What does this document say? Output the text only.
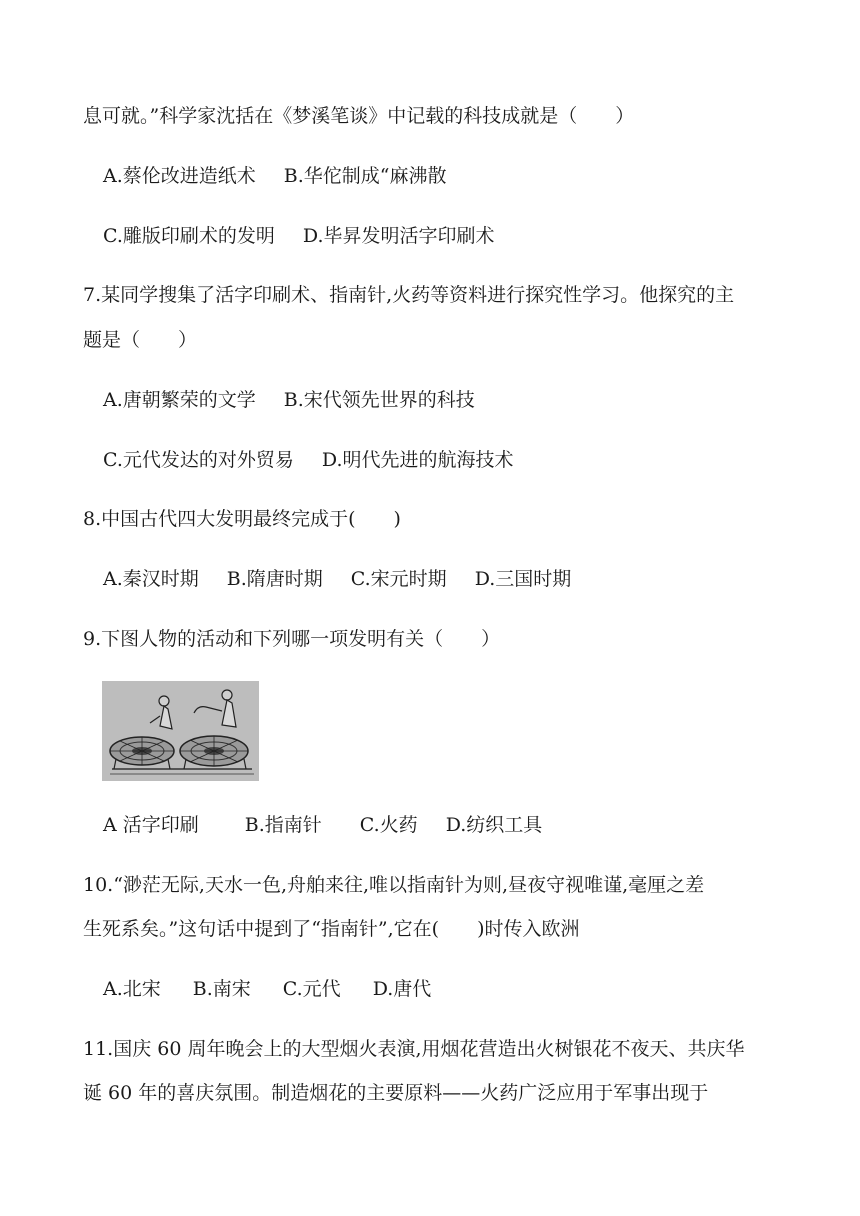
息可就。”科学家沈括在《梦溪笔谈》中记载的科技成就是（　　）
A.蔡伦改进造纸术 B.华佗制成“麻沸散
C.雕版印刷术的发明 D.毕昇发明活字印刷术
7.某同学搜集了活字印刷术、指南针,火药等资料进行探究性学习。他探究的主
题是（　　）
A.唐朝繁荣的文学 B.宋代领先世界的科技
C.元代发达的对外贸易 D.明代先进的航海技术
8.中国古代四大发明最终完成于(　　)
A.秦汉时期 B.隋唐时期 C.宋元时期 D.三国时期
9.下图人物的活动和下列哪一项发明有关（　　）
A 活字印刷 B.指南针 C.火药 D.纺织工具
10.“渺茫无际,天水一色,舟舶来往,唯以指南针为则,昼夜守视唯谨,毫厘之差
生死系矣。”这句话中提到了“指南针”,它在(　　)时传入欧洲
A.北宋 B.南宋 C.元代 D.唐代
11.国庆 60 周年晚会上的大型烟火表演,用烟花营造出火树银花不夜天、共庆华
诞 60 年的喜庆氛围。制造烟花的主要原料——火药广泛应用于军事出现于
